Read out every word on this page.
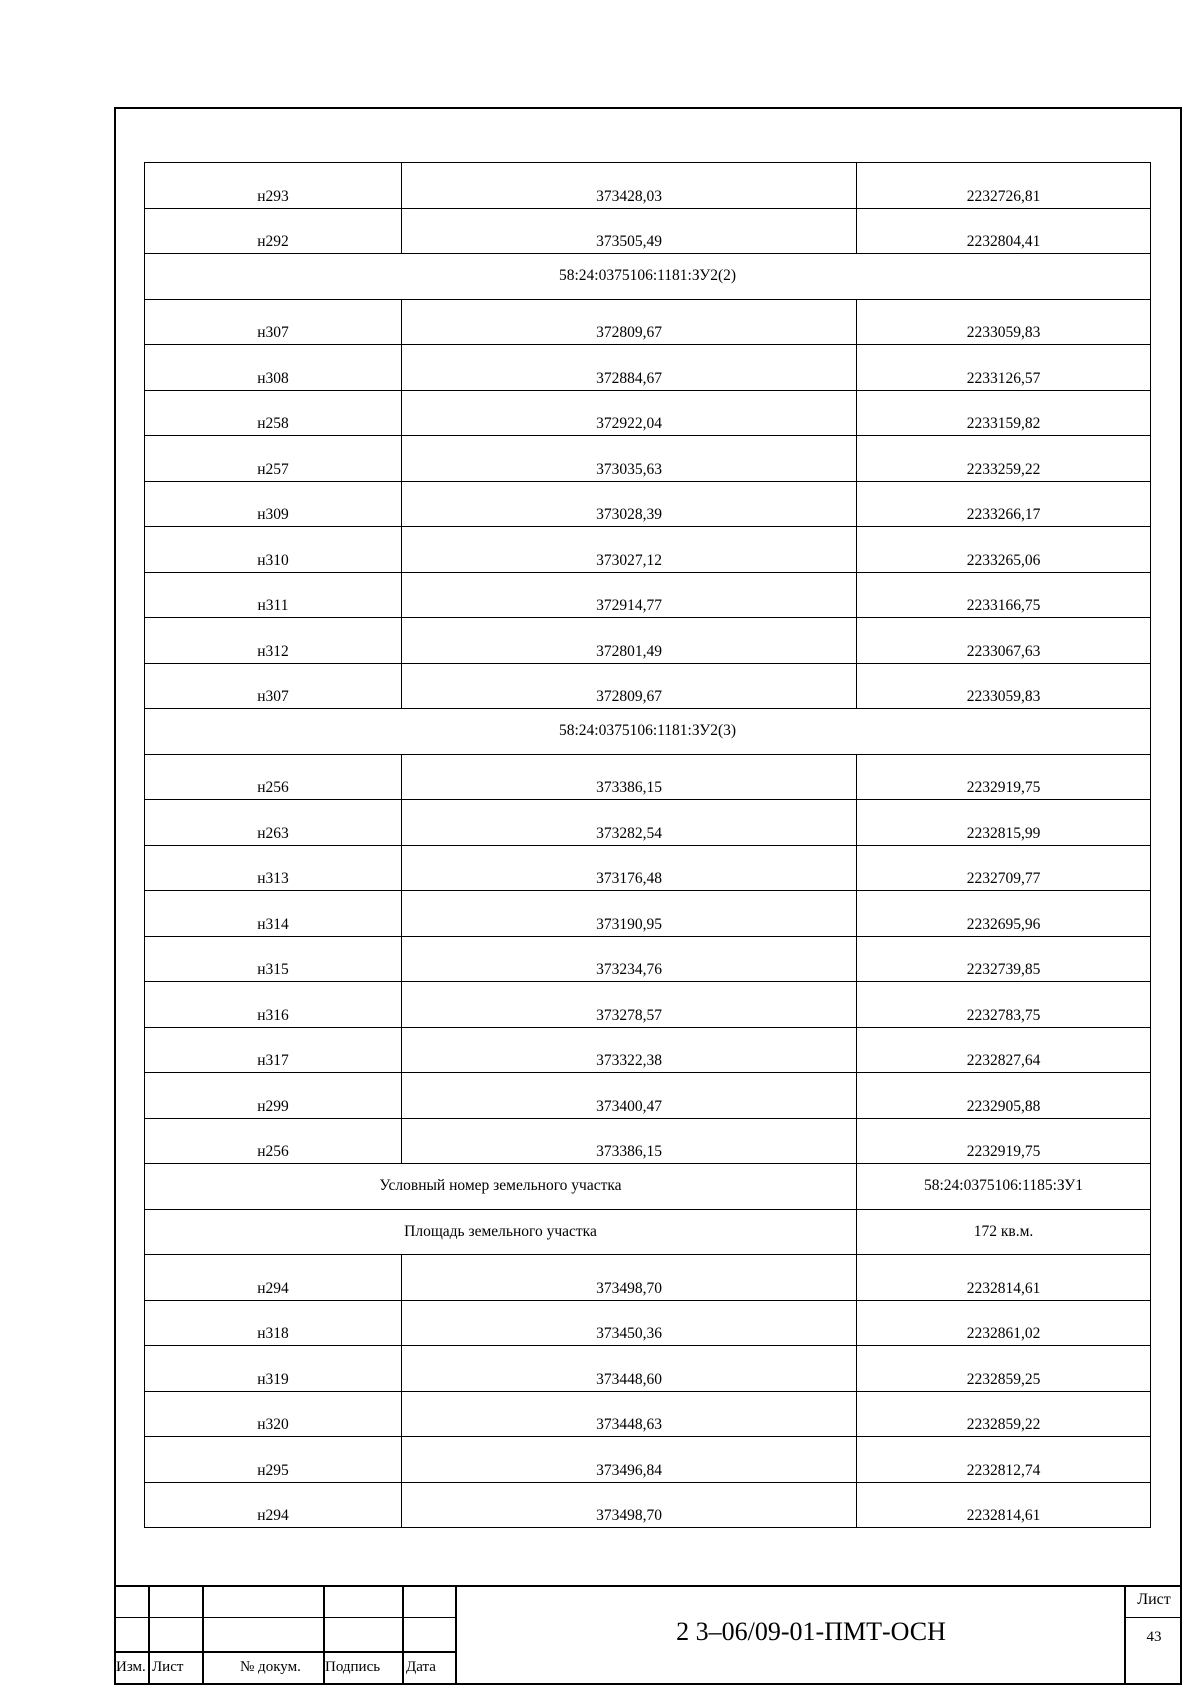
н293	373428,03	2232726,81
н292	373505,49	2232804,41
58:24:0375106:1181:ЗУ2(2)		
н307	372809,67	2233059,83
н308	372884,67	2233126,57
н258	372922,04	2233159,82
н257	373035,63	2233259,22
н309	373028,39	2233266,17
н310	373027,12	2233265,06
н311	372914,77	2233166,75
н312	372801,49	2233067,63
н307	372809,67	2233059,83
58:24:0375106:1181:ЗУ2(3)		
н256	373386,15	2232919,75
н263	373282,54	2232815,99
н313	373176,48	2232709,77
н314	373190,95	2232695,96
н315	373234,76	2232739,85
н316	373278,57	2232783,75
н317	373322,38	2232827,64
н299	373400,47	2232905,88
н256	373386,15	2232919,75
Условный номер земельного участка		58:24:0375106:1185:ЗУ1
Площадь земельного участка		172 кв.м.
н294	373498,70	2232814,61
н318	373450,36	2232861,02
н319	373448,60	2232859,25
н320	373448,63	2232859,22
н295	373496,84	2232812,74
н294	373498,70	2232814,61
Изм. Лист	№ докум. Подпись Дата
2 3–06/09-01-ПМТ-ОСН
Лист
43
